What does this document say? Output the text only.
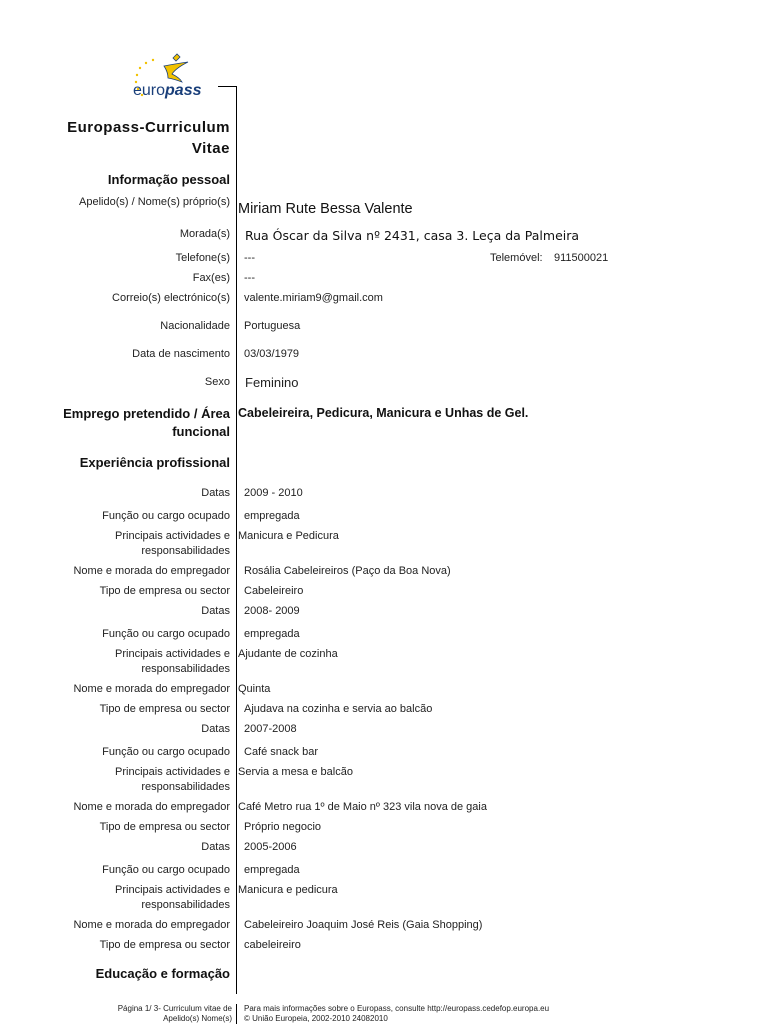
europass
Europass-Curriculum
Vitae
Informação pessoal
Apelido(s) / Nome(s) próprio(s) Miriam Rute Bessa Valente
Morada(s) Rua Óscar da Silva nº 2431, casa 3. Leça da Palmeira
Telefone(s) ---	Telemóvel: 911500021
Fax(es) ---
Correio(s) electrónico(s) valente.miriam9@gmail.com
Nacionalidade Portuguesa
Data de nascimento 03/03/1979
Sexo Feminino
Emprego pretendido / Área
funcional
Cabeleireira, Pedicura, Manicura e Unhas de Gel.
Experiência profissional
Datas 2009 - 2010
Função ou cargo ocupado empregada
Principais actividades e
responsabilidades
Manicura e Pedicura
Nome e morada do empregador Rosália Cabeleireiros (Paço da Boa Nova)
Tipo de empresa ou sector Cabeleireiro
Datas 2008- 2009
Função ou cargo ocupado empregada
Principais actividades e
responsabilidades
Ajudante de cozinha
Nome e morada do empregador Quinta
Tipo de empresa ou sector Ajudava na cozinha e servia ao balcão
Datas 2007-2008
Função ou cargo ocupado Café snack bar
Principais actividades e
responsabilidades
Servia a mesa e balcão
Nome e morada do empregador Café Metro rua 1º de Maio nº 323 vila nova de gaia
Tipo de empresa ou sector Próprio negocio
Datas 2005-2006
Função ou cargo ocupado empregada
Principais actividades e
responsabilidades
Manicura e pedicura
Nome e morada do empregador Cabeleireiro Joaquim José Reis (Gaia Shopping)
Tipo de empresa ou sector cabeleireiro
Educação e formação
Página 1/ 3- Curriculum vitae de
Apelido(s) Nome(s)
Para mais informações sobre o Europass, consulte http://europass.cedefop.europa.eu
© União Europeia, 2002-2010 24082010
